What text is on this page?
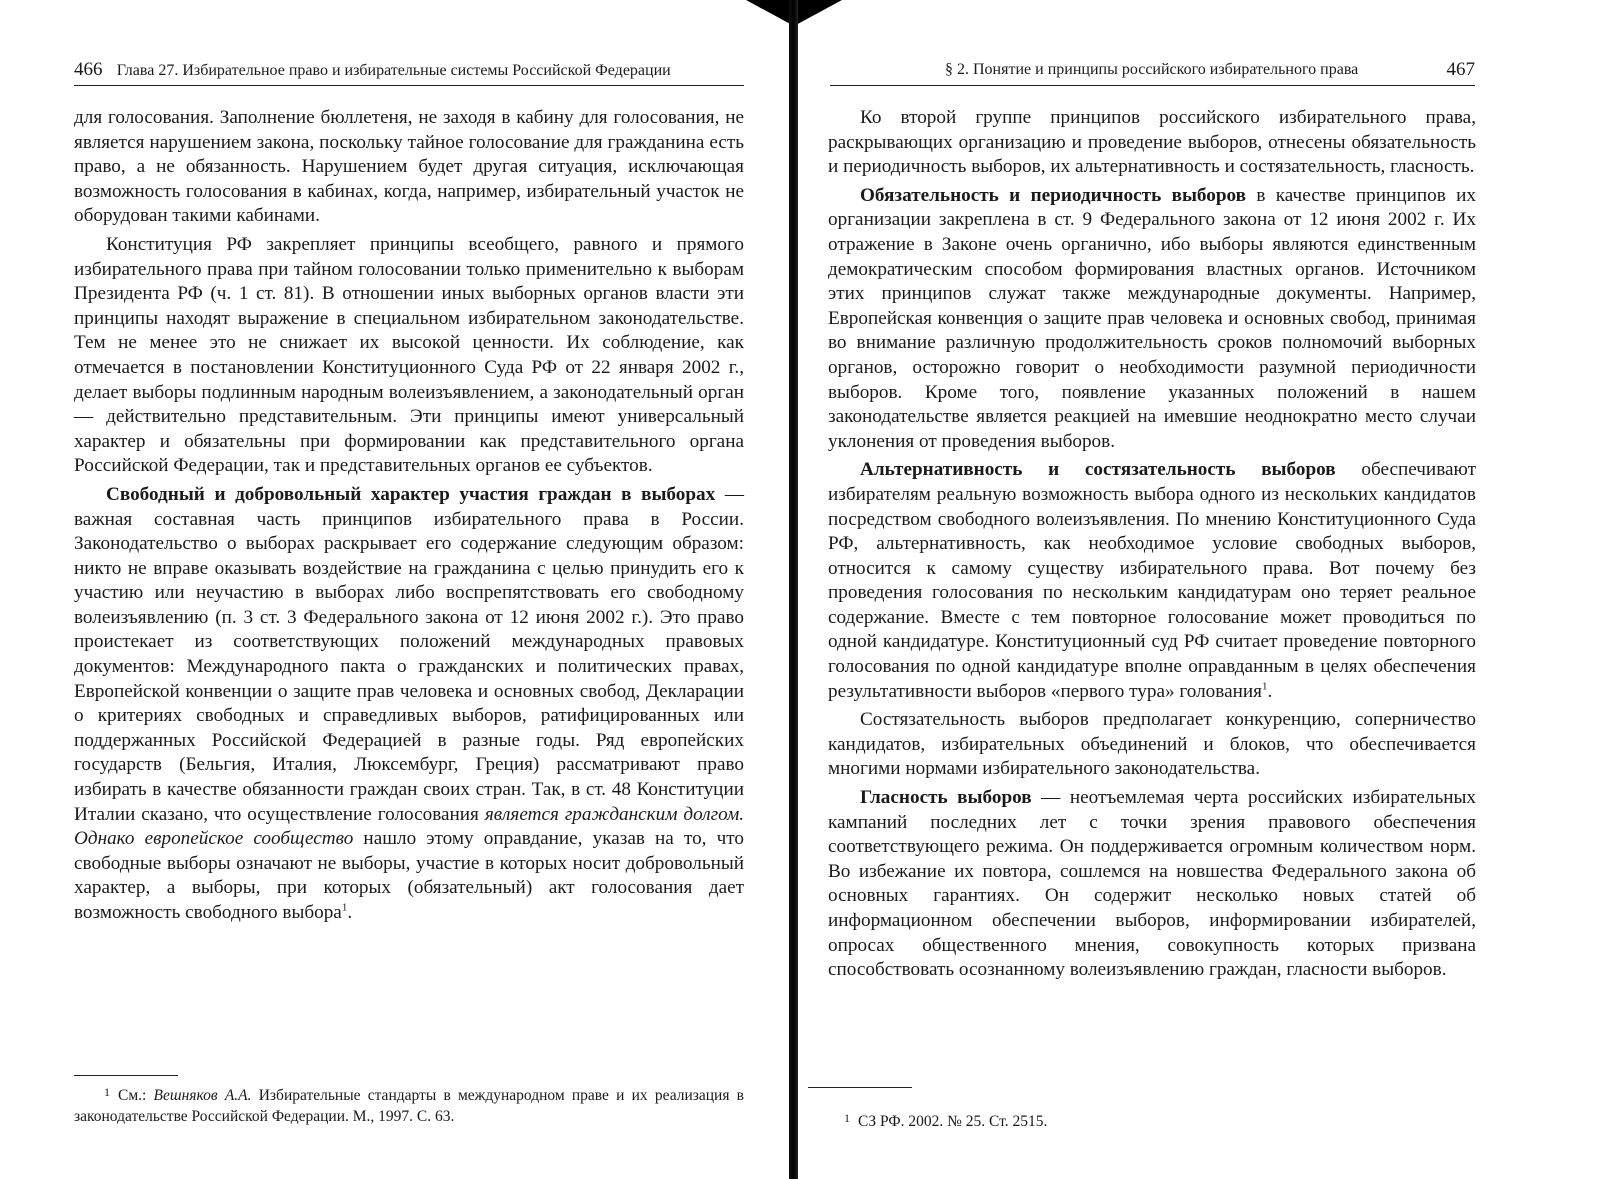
466 Глава 27. Избирательное право и избирательные системы Российской Федерации

для голосования. Заполнение бюллетеня, не заходя в кабину для голосования, не является нарушением закона, поскольку тайное голосование для гражданина есть право, а не обязанность. Нарушением будет другая ситуация, исключающая возможность голосования в кабинах, когда, например, избирательный участок не оборудован такими кабинами.

Конституция РФ закрепляет принципы всеобщего, равного и прямого избирательного права при тайном голосовании только применительно к выборам Президента РФ (ч. 1 ст. 81). В отношении иных выборных органов власти эти принципы находят выражение в специальном избирательном законодательстве. Тем не менее это не снижает их высокой ценности. Их соблюдение, как отмечается в постановлении Конституционного Суда РФ от 22 января 2002 г., делает выборы подлинным народным волеизъявлением, а законодательный орган — действительно представительным. Эти принципы имеют универсальный характер и обязательны при формировании как представительного органа Российской Федерации, так и представительных органов ее субъектов.

Свободный и добровольный характер участия граждан в выборах — важная составная часть принципов избирательного права в России. Законодательство о выборах раскрывает его содержание следующим образом: никто не вправе оказывать воздействие на гражданина с целью принудить его к участию или неучастию в выборах либо воспрепятствовать его свободному волеизъявлению (п. 3 ст. 3 Федерального закона от 12 июня 2002 г.). Это право проистекает из соответствующих положений международных правовых документов: Международного пакта о гражданских и политических правах, Европейской конвенции о защите прав человека и основных свобод, Декларации о критериях свободных и справедливых выборов, ратифицированных или поддержанных Российской Федерацией в разные годы. Ряд европейских государств (Бельгия, Италия, Люксембург, Греция) рассматривают право избирать в качестве обязанности граждан своих стран. Так, в ст. 48 Конституции Италии сказано, что осуществление голосования является гражданским долгом. Однако европейское сообщество нашло этому оправдание, указав на то, что свободные выборы означают не выборы, участие в которых носит добровольный характер, а выборы, при которых (обязательный) акт голосования дает возможность свободного выбора$^1$.

$^1$ См.: Вешняков А.А. Избирательные стандарты в международном праве и их реализация в законодательстве Российской Федерации. М., 1997. С. 63.
§ 2. Понятие и принципы российского избирательного права	467

Ко второй группе принципов российского избирательного права, раскрывающих организацию и проведение выборов, отнесены обязательность и периодичность выборов, их альтернативность и состязательность, гласность.

Обязательность и периодичность выборов в качестве принципов их организации закреплена в ст. 9 Федерального закона от 12 июня 2002 г. Их отражение в Законе очень органично, ибо выборы являются единственным демократическим способом формирования властных органов. Источником этих принципов служат также международные документы. Например, Европейская конвенция о защите прав человека и основных свобод, принимая во внимание различную продолжительность сроков полномочий выборных органов, осторожно говорит о необходимости разумной периодичности выборов. Кроме того, появление указанных положений в нашем законодательстве является реакцией на имевшие неоднократно место случаи уклонения от проведения выборов.

Альтернативность и состязательность выборов обеспечивают избирателям реальную возможность выбора одного из нескольких кандидатов посредством свободного волеизъявления. По мнению Конституционного Суда РФ, альтернативность, как необходимое условие свободных выборов, относится к самому существу избирательного права. Вот почему без проведения голосования по нескольким кандидатурам оно теряет реальное содержание. Вместе с тем повторное голосование может проводиться по одной кандидатуре. Конституционный суд РФ считает проведение повторного голосования по одной кандидатуре вполне оправданным в целях обеспечения результативности выборов «первого тура» голования$^1$.

Состязательность выборов предполагает конкуренцию, соперничество кандидатов, избирательных объединений и блоков, что обеспечивается многими нормами избирательного законодательства.

Гласность выборов — неотъемлемая черта российских избирательных кампаний последних лет с точки зрения правового обеспечения соответствующего режима. Он поддерживается огромным количеством норм. Во избежание их повтора, сошлемся на новшества Федерального закона об основных гарантиях. Он содержит несколько новых статей об информационном обеспечении выборов, информировании избирателей, опросах общественного мнения, совокупность которых призвана способствовать осознанному волеизъявлению граждан, гласности выборов.

$^1$ СЗ РФ. 2002. № 25. Ст. 2515.
